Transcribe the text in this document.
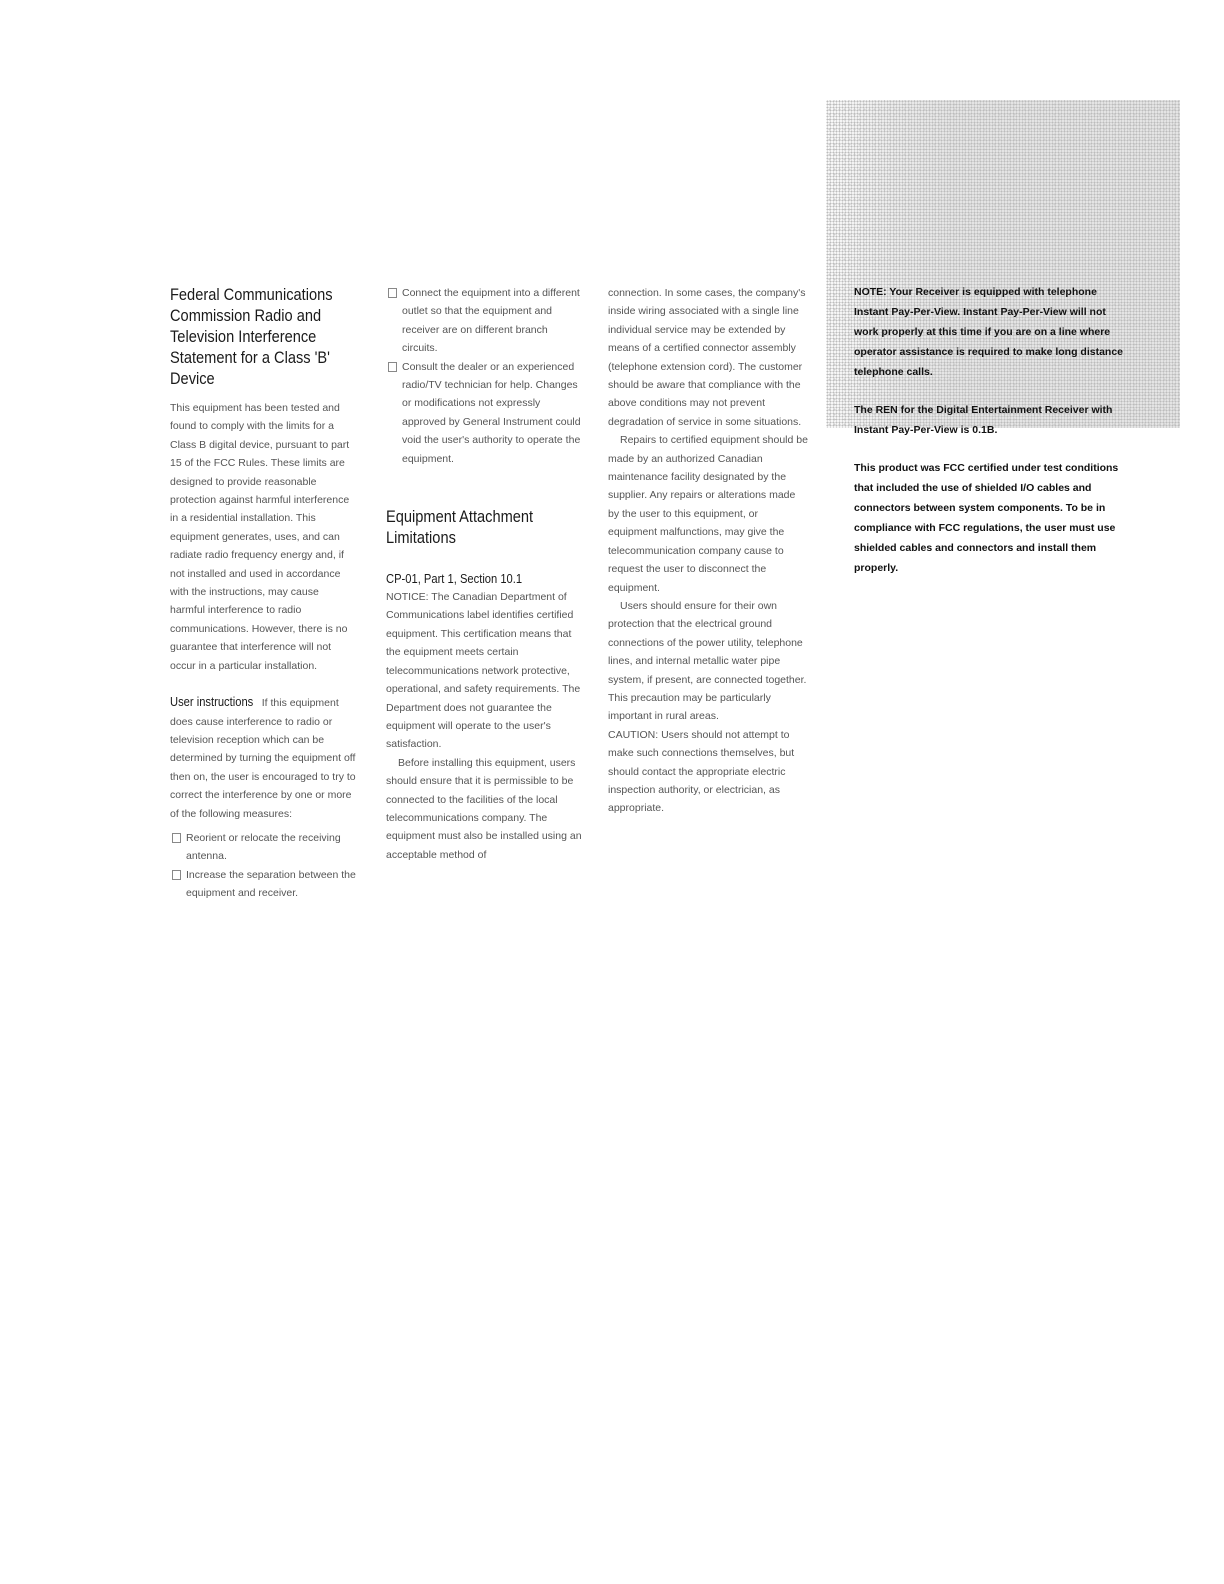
Federal Communications Commission Radio and Television Interference Statement for a Class 'B' Device

This equipment has been tested and found to comply with the limits for a Class B digital device, pursuant to part 15 of the FCC Rules. These limits are designed to provide reasonable protection against harmful interference in a residential installation. This equipment generates, uses, and can radiate radio frequency energy and, if not installed and used in accordance with the instructions, may cause harmful interference to radio communications. However, there is no guarantee that interference will not occur in a particular installation.

User instructions If this equipment does cause interference to radio or television reception which can be determined by turning the equipment off then on, the user is encouraged to try to correct the interference by one or more of the following measures:

Reorient or relocate the receiving antenna.
Increase the separation between the equipment and receiver.
Connect the equipment into a different outlet so that the equipment and receiver are on different branch circuits.
Consult the dealer or an experienced radio/TV technician for help. Changes or modifications not expressly approved by General Instrument could void the user's authority to operate the equipment.
Equipment Attachment Limitations
CP-01, Part 1, Section 10.1

NOTICE: The Canadian Department of Communications label identifies certified equipment. This certification means that the equipment meets certain telecommunications network protective, operational, and safety requirements. The Department does not guarantee the equipment will operate to the user's satisfaction.

Before installing this equipment, users should ensure that it is permissible to be connected to the facilities of the local telecommunications company. The equipment must also be installed using an acceptable method of

connection. In some cases, the company's inside wiring associated with a single line individual service may be extended by means of a certified connector assembly (telephone extension cord). The customer should be aware that compliance with the above conditions may not prevent degradation of service in some situations.

Repairs to certified equipment should be made by an authorized Canadian maintenance facility designated by the supplier. Any repairs or alterations made by the user to this equipment, or equipment malfunctions, may give the telecommunication company cause to request the user to disconnect the equipment.

Users should ensure for their own protection that the electrical ground connections of the power utility, telephone lines, and internal metallic water pipe system, if present, are connected together. This precaution may be particularly important in rural areas.

CAUTION: Users should not attempt to make such connections themselves, but should contact the appropriate electric inspection authority, or electrician, as appropriate.

NOTE: Your Receiver is equipped with telephone Instant Pay-Per-View. Instant Pay-Per-View will not work properly at this time if you are on a line where operator assistance is required to make long distance telephone calls.

The REN for the Digital Entertainment Receiver with Instant Pay-Per-View is 0.1B.

This product was FCC certified under test conditions that included the use of shielded I/O cables and connectors between system components. To be in compliance with FCC regulations, the user must use shielded cables and connectors and install them properly.
